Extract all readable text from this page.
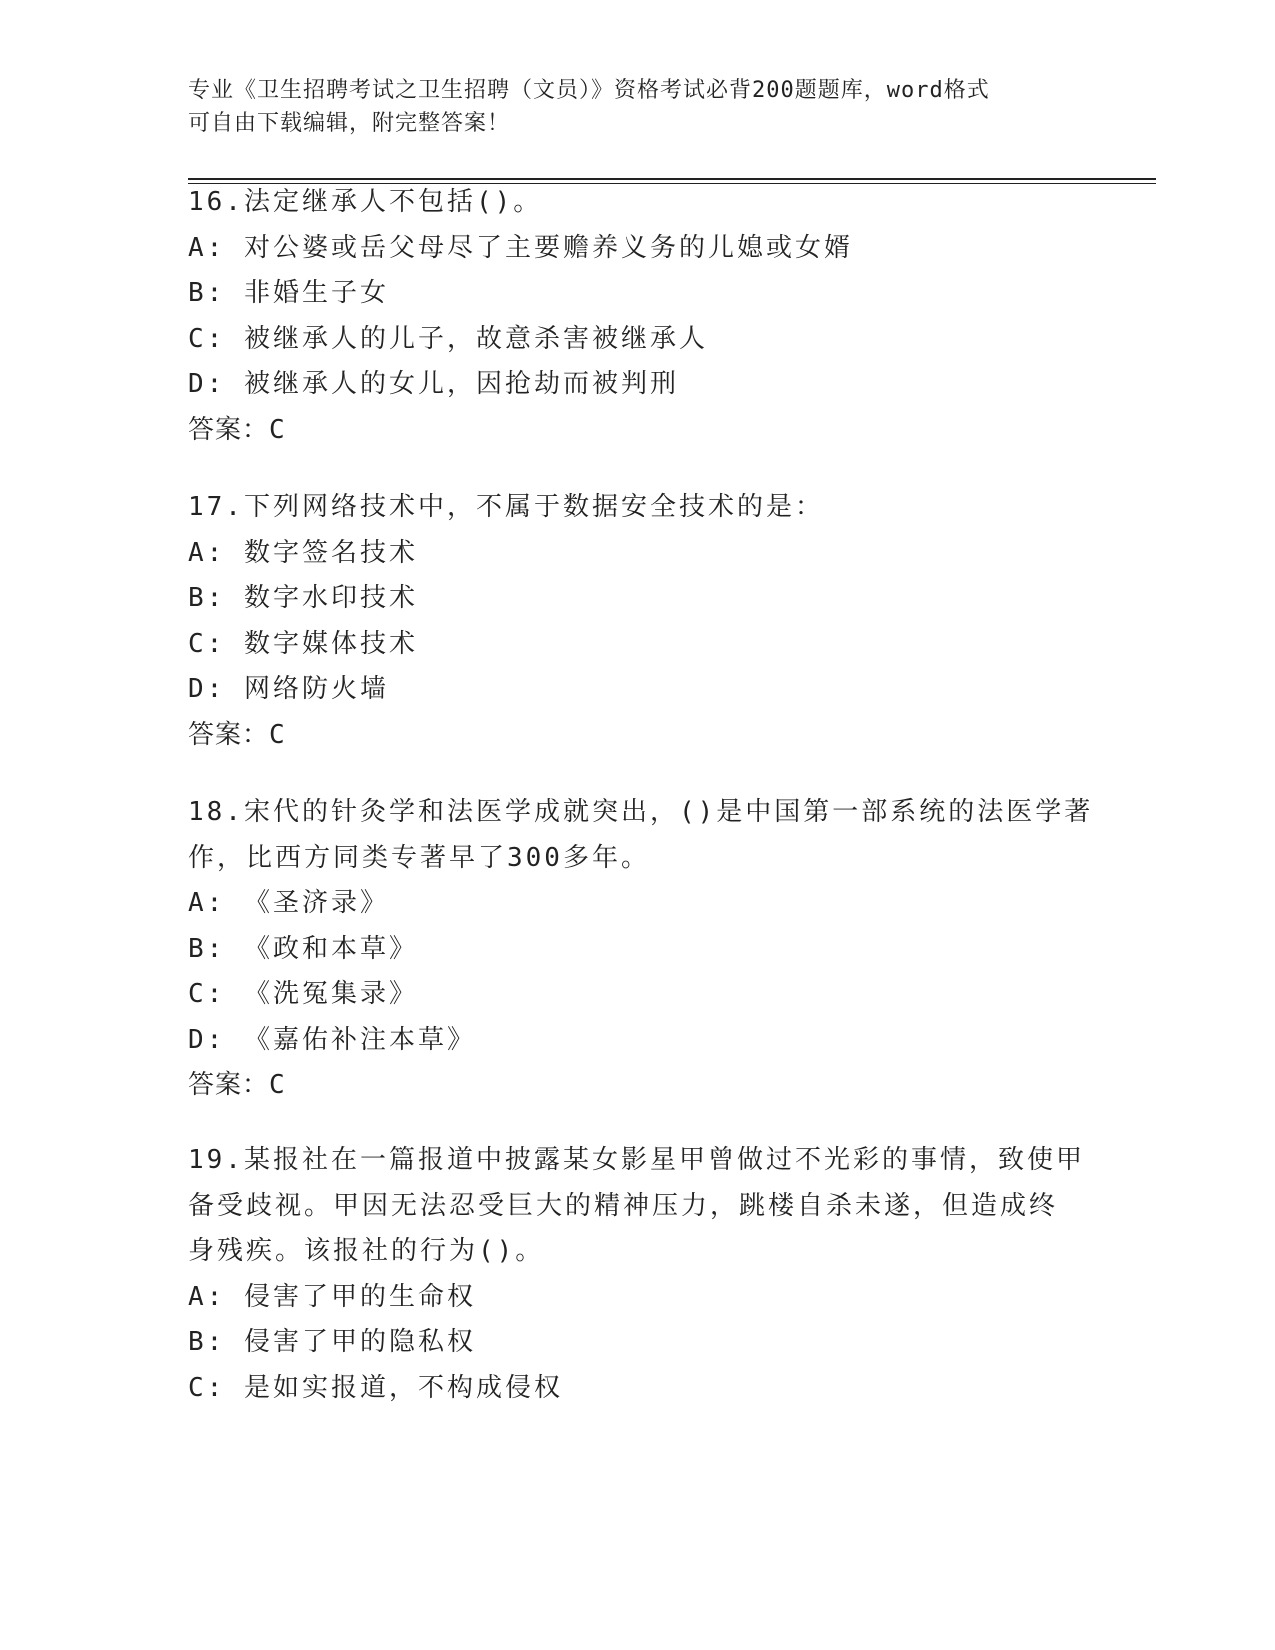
专业《卫生招聘考试之卫生招聘（文员）》资格考试必背200题题库，word格式
可自由下载编辑，附完整答案！
16.法定继承人不包括()。
A: 对公婆或岳父母尽了主要赡养义务的儿媳或女婿
B: 非婚生子女
C: 被继承人的儿子，故意杀害被继承人
D: 被继承人的女儿，因抢劫而被判刑
答案：C
17.下列网络技术中，不属于数据安全技术的是：
A: 数字签名技术
B: 数字水印技术
C: 数字媒体技术
D: 网络防火墙
答案：C
18.宋代的针灸学和法医学成就突出，()是中国第一部系统的法医学著
作，比西方同类专著早了300多年。
A: 《圣济录》
B: 《政和本草》
C: 《洗冤集录》
D: 《嘉佑补注本草》
答案：C
19.某报社在一篇报道中披露某女影星甲曾做过不光彩的事情，致使甲
备受歧视。甲因无法忍受巨大的精神压力，跳楼自杀未遂，但造成终
身残疾。该报社的行为()。
A: 侵害了甲的生命权
B: 侵害了甲的隐私权
C: 是如实报道，不构成侵权
